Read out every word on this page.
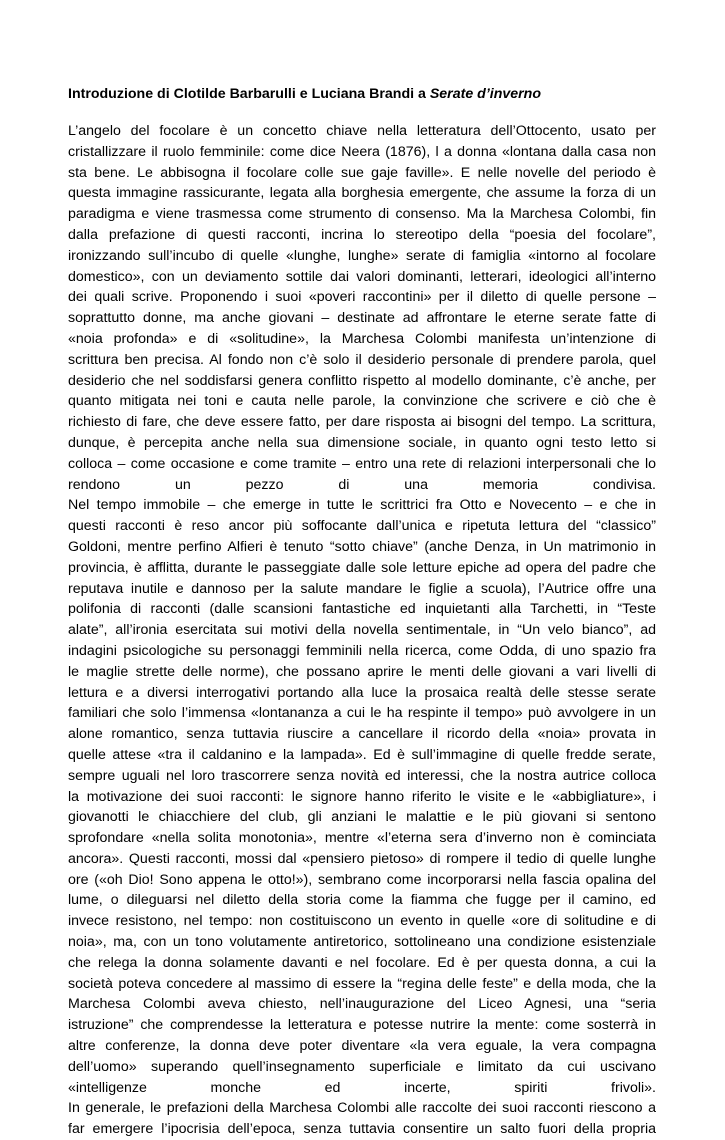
Introduzione di Clotilde Barbarulli e Luciana Brandi a Serate d’inverno
L’angelo del focolare è un concetto chiave nella letteratura dell’Ottocento, usato per
cristallizzare il ruolo femminile: come dice Neera (1876), l a donna «lontana dalla casa non
sta bene. Le abbisogna il focolare colle sue gaje faville». E nelle novelle del periodo è
questa immagine rassicurante, legata alla borghesia emergente, che assume la forza di un
paradigma e viene trasmessa come strumento di consenso. Ma la Marchesa Colombi, fin
dalla prefazione di questi racconti, incrina lo stereotipo della “poesia del focolare”,
ironizzando sull’incubo di quelle «lunghe, lunghe» serate di famiglia «intorno al focolare
domestico», con un deviamento sottile dai valori dominanti, letterari, ideologici all’interno
dei quali scrive. Proponendo i suoi «poveri raccontini» per il diletto di quelle persone –
soprattutto donne, ma anche giovani – destinate ad affrontare le eterne serate fatte di
«noia profonda» e di «solitudine», la Marchesa Colombi manifesta un’intenzione di
scrittura ben precisa. Al fondo non c’è solo il desiderio personale di prendere parola, quel
desiderio che nel soddisfarsi genera conflitto rispetto al modello dominante, c’è anche, per
quanto mitigata nei toni e cauta nelle parole, la convinzione che scrivere e ciò che è
richiesto di fare, che deve essere fatto, per dare risposta ai bisogni del tempo. La scrittura,
dunque, è percepita anche nella sua dimensione sociale, in quanto ogni testo letto si
colloca – come occasione e come tramite – entro una rete di relazioni interpersonali che lo
rendono un pezzo di una memoria condivisa.
Nel tempo immobile – che emerge in tutte le scrittrici fra Otto e Novecento – e che in
questi racconti è reso ancor più soffocante dall’unica e ripetuta lettura del “classico”
Goldoni, mentre perfino Alfieri è tenuto “sotto chiave” (anche Denza, in Un matrimonio in
provincia, è afflitta, durante le passeggiate dalle sole letture epiche ad opera del padre che
reputava inutile e dannoso per la salute mandare le figlie a scuola), l’Autrice offre una
polifonia di racconti (dalle scansioni fantastiche ed inquietanti alla Tarchetti, in “Teste
alate”, all’ironia esercitata sui motivi della novella sentimentale, in “Un velo bianco”, ad
indagini psicologiche su personaggi femminili nella ricerca, come Odda, di uno spazio fra
le maglie strette delle norme), che possano aprire le menti delle giovani a vari livelli di
lettura e a diversi interrogativi portando alla luce la prosaica realtà delle stesse serate
familiari che solo l’immensa «lontananza a cui le ha respinte il tempo» può avvolgere in un
alone romantico, senza tuttavia riuscire a cancellare il ricordo della «noia» provata in
quelle attese «tra il caldanino e la lampada». Ed è sull’immagine di quelle fredde serate,
sempre uguali nel loro trascorrere senza novità ed interessi, che la nostra autrice colloca
la motivazione dei suoi racconti: le signore hanno riferito le visite e le «abbigliature», i
giovanotti le chiacchiere del club, gli anziani le malattie e le più giovani si sentono
sprofondare «nella solita monotonia», mentre «l’eterna sera d’inverno non è cominciata
ancora». Questi racconti, mossi dal «pensiero pietoso» di rompere il tedio di quelle lunghe
ore («oh Dio! Sono appena le otto!»), sembrano come incorporarsi nella fascia opalina del
lume, o dileguarsi nel diletto della storia come la fiamma che fugge per il camino, ed
invece resistono, nel tempo: non costituiscono un evento in quelle «ore di solitudine e di
noia», ma, con un tono volutamente antiretorico, sottolineano una condizione esistenziale
che relega la donna solamente davanti e nel focolare. Ed è per questa donna, a cui la
società poteva concedere al massimo di essere la “regina delle feste” e della moda, che la
Marchesa Colombi aveva chiesto, nell’inaugurazione del Liceo Agnesi, una “seria
istruzione” che comprendesse la letteratura e potesse nutrire la mente: come sosterrà in
altre conferenze, la donna deve poter diventare «la vera eguale, la vera compagna
dell’uomo» superando quell’insegnamento superficiale e limitato da cui uscivano
«intelligenze monche ed incerte, spiriti frivoli».
In generale, le prefazioni della Marchesa Colombi alle raccolte dei suoi racconti riescono a
far emergere l’ipocrisia dell’epoca, senza tuttavia consentire un salto fuori della propria
